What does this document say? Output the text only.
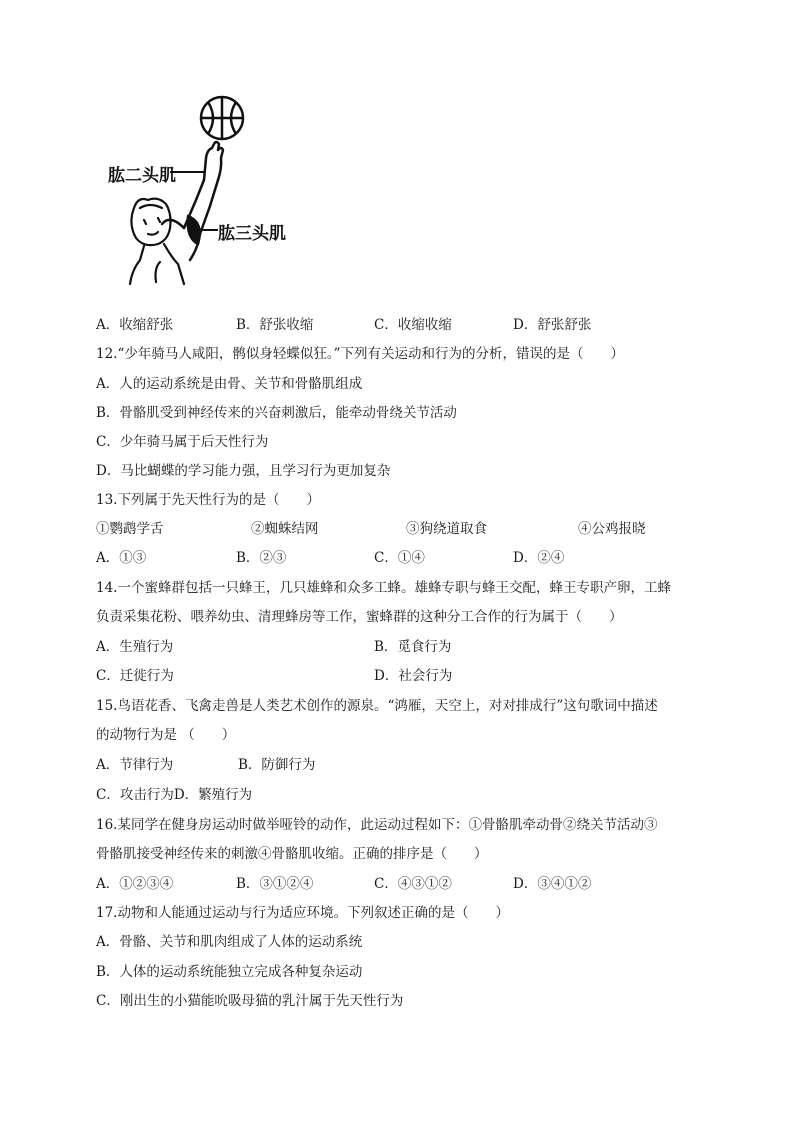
肱二头肌
肱三头肌
A．收缩舒张	B．舒张收缩	C．收缩收缩	D．舒张舒张
12.“少年骑马人咸阳，鹘似身轻蝶似狂。”下列有关运动和行为的分析，错误的是（　　）
A．人的运动系统是由骨、关节和骨骼肌组成
B．骨骼肌受到神经传来的兴奋刺激后，能牵动骨绕关节活动
C．少年骑马属于后天性行为
D．马比蝴蝶的学习能力强，且学习行为更加复杂
13.下列属于先天性行为的是（　　）
①鹦鹉学舌	②蜘蛛结网	③狗绕道取食	④公鸡报晓
A．①③	B．②③	C．①④	D．②④
14.一个蜜蜂群包括一只蜂王，几只雄蜂和众多工蜂。雄蜂专职与蜂王交配，蜂王专职产卵，工蜂
负责采集花粉、喂养幼虫、清理蜂房等工作，蜜蜂群的这种分工合作的行为属于（　　）
A．生殖行为	B．觅食行为
C．迁徙行为	D．社会行为
15.鸟语花香、飞禽走兽是人类艺术创作的源泉。“鸿雁，天空上，对对排成行”这句歌词中描述
的动物行为是 （　　）
A．节律行为	B．防御行为
C．攻击行为D．繁殖行为
16.某同学在健身房运动时做举哑铃的动作，此运动过程如下：①骨骼肌牵动骨②绕关节活动③
骨骼肌接受神经传来的刺激④骨骼肌收缩。正确的排序是（　　）
A．①②③④	B．③①②④	C．④③①②	D．③④①②
17.动物和人能通过运动与行为适应环境。下列叙述正确的是（　　）
A．骨骼、关节和肌肉组成了人体的运动系统
B．人体的运动系统能独立完成各种复杂运动
C．刚出生的小猫能吮吸母猫的乳汁属于先天性行为
